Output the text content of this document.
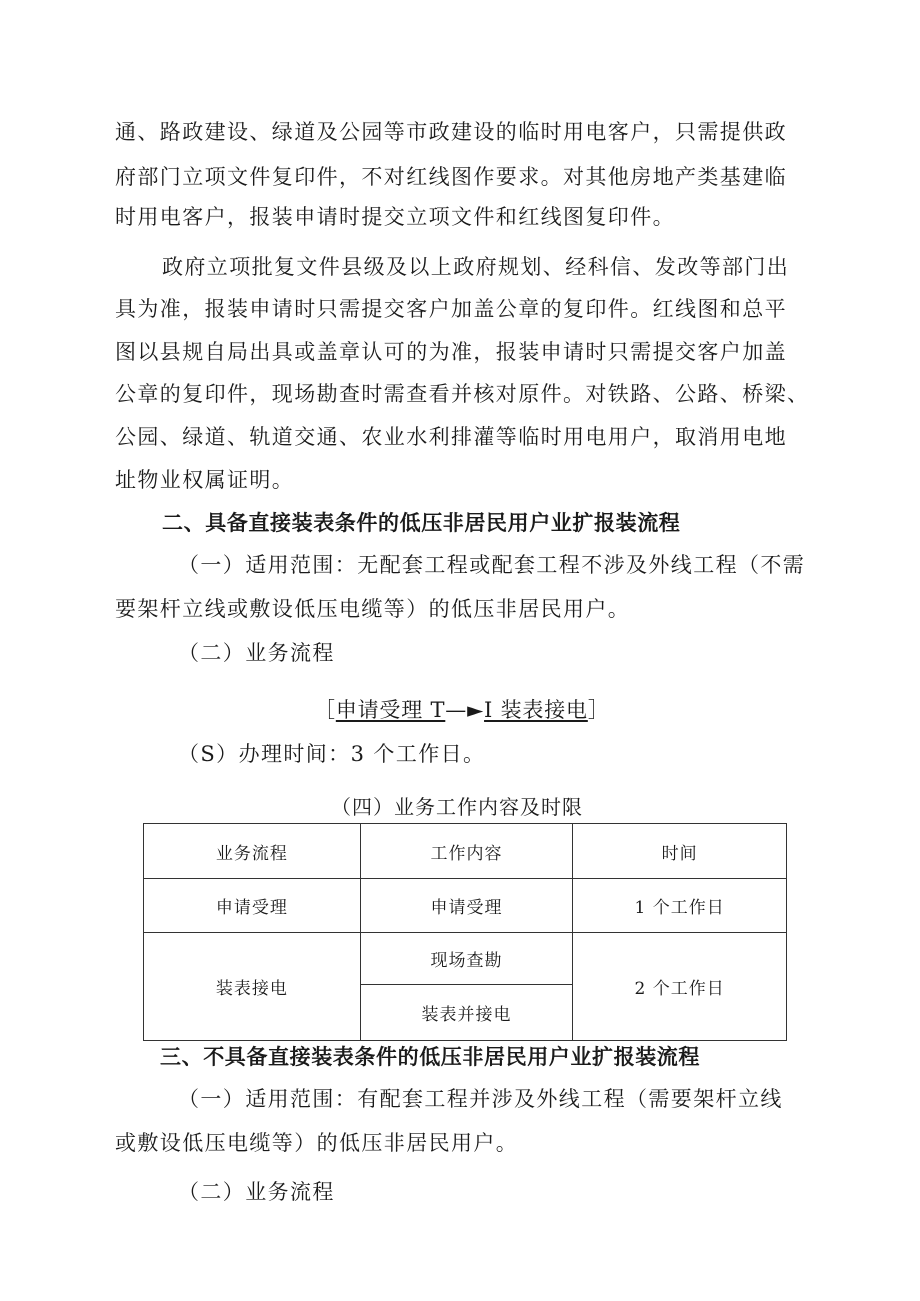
通、路政建设、绿道及公园等市政建设的临时用电客户，只需提供政
府部门立项文件复印件，不对红线图作要求。对其他房地产类基建临
时用电客户，报装申请时提交立项文件和红线图复印件。
政府立项批复文件县级及以上政府规划、经科信、发改等部门出
具为准，报装申请时只需提交客户加盖公章的复印件。红线图和总平
图以县规自局出具或盖章认可的为准，报装申请时只需提交客户加盖
公章的复印件，现场勘查时需查看并核对原件。对铁路、公路、桥梁、
公园、绿道、轨道交通、农业水利排灌等临时用电用户，取消用电地
址物业权属证明。
二、具备直接装表条件的低压非居民用户业扩报装流程
（一）适用范围：无配套工程或配套工程不涉及外线工程（不需
要架杆立线或敷设低压电缆等）的低压非居民用户。
（二）业务流程
［申请受理 T—►I 装表接电］
（S）办理时间：3 个工作日。
（四）业务工作内容及时限
业务流程	工作内容	时间
申请受理	申请受理	1 个工作日
装表接电	现场查勘	2 个工作日
	装表并接电	
三、不具备直接装表条件的低压非居民用户业扩报装流程
（一）适用范围：有配套工程并涉及外线工程（需要架杆立线
或敷设低压电缆等）的低压非居民用户。
（二）业务流程
